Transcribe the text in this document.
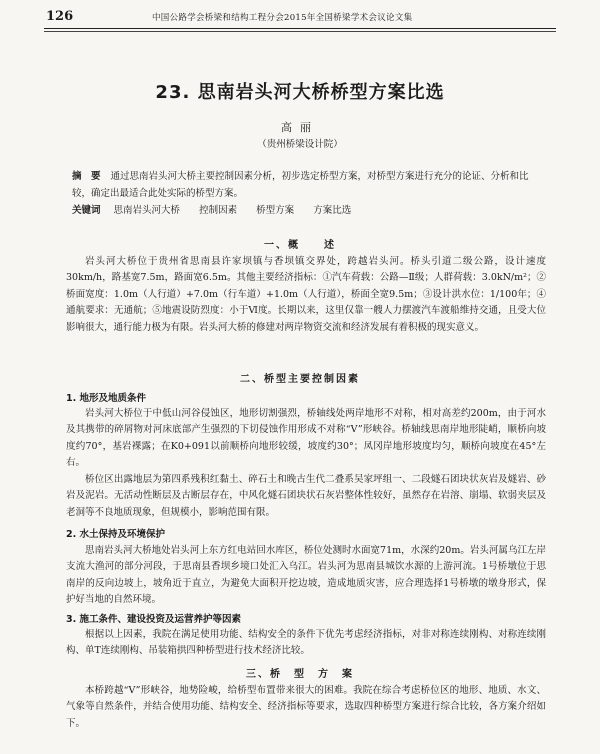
126	中国公路学会桥梁和结构工程分会2015年全国桥梁学术会议论文集
23. 思南岩头河大桥桥型方案比选
高丽
（贵州桥梁设计院）
摘　要 通过思南岩头河大桥主要控制因素分析，初步选定桥型方案，对桥型方案进行充分的论证、分析和比较，确定出最适合此处实际的桥型方案。
关键词 思南岩头河大桥 控制因素 桥型方案 方案比选
一、概　　述

岩头河大桥位于贵州省思南县许家坝镇与香坝镇交界处，跨越岩头河。桥头引道二级公路，设计速度30km/h，路基宽7.5m，路面宽6.5m。其他主要经济指标：①汽车荷载：公路—Ⅱ级；人群荷载：3.0kN/m²；②桥面宽度：1.0m（人行道）+7.0m（行车道）+1.0m（人行道），桥面全宽9.5m；③设计洪水位：1/100年；④通航要求：无通航；⑤地震设防烈度：小于Ⅵ度。长期以来，这里仅靠一艘人力摆渡汽车渡船维持交通，且受大位影响很大，通行能力极为有限。岩头河大桥的修建对两岸物资交流和经济发展有着积极的现实意义。

二、桥型主要控制因素
1. 地形及地质条件

岩头河大桥位于中低山河谷侵蚀区，地形切割强烈，桥轴线处两岸地形不对称，相对高差约200m，由于河水及其携带的碎屑物对河床底部产生强烈的下切侵蚀作用形成不对称“V”形峡谷。桥轴线思南岸地形陡峭，顺桥向坡度约70°，基岩裸露；在K0+091以前顺桥向地形较缓，坡度约30°；凤冈岸地形坡度均匀，顺桥向坡度在45°左右。

桥位区出露地层为第四系残积红黏土、碎石土和晚古生代二叠系吴家坪组一、二段燧石团块状灰岩及燧岩、砂岩及泥岩。无活动性断层及古断层存在，中风化燧石团块状石灰岩整体性较好，虽然存在岩溶、崩塌、软弱夹层及老洞等不良地质现象，但规模小，影响范围有限。

2. 水土保持及环境保护

思南岩头河大桥地处岩头河上东方红电站回水库区，桥位处测时水面宽71m，水深约20m。岩头河属乌江左岸支流大渔河的部分河段，于思南县香坝乡境口处汇入乌江。岩头河为思南县城饮水源的上游河流。1号桥墩位于思南岸的反向边坡上，坡角近于直立，为避免大面积开挖边坡，造成地质灾害，应合理选择1号桥墩的墩身形式，保护好当地的自然环境。

3. 施工条件、建设投资及运营养护等因素

根据以上因素，我院在满足使用功能、结构安全的条件下优先考虑经济指标，对非对称连续刚构、对称连续刚构、单T连续刚构、吊装箱拱四种桥型进行技术经济比较。

三、桥　型　方　案

本桥跨越“V”形峡谷，地势险峻，给桥型布置带来很大的困难。我院在综合考虑桥位区的地形、地质、水文、气象等自然条件，并结合使用功能、结构安全、经济指标等要求，选取四种桥型方案进行综合比较，各方案介绍如下。
